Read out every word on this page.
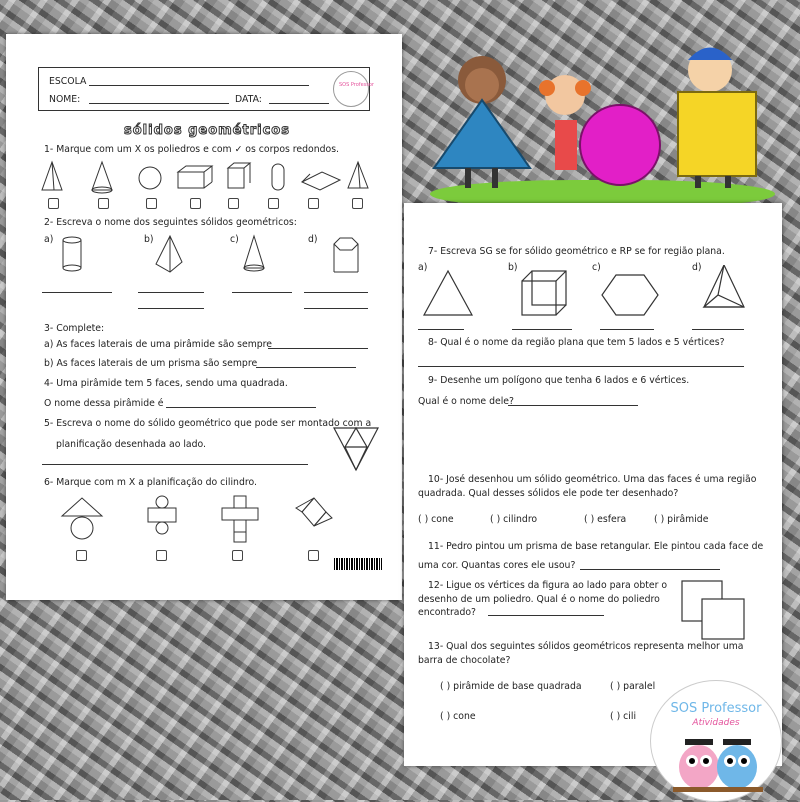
ESCOLA
NOME:	DATA:
SOS Professor
sólidos geométricos
1- Marque com um X os poliedros e com ✓ os corpos redondos.
2- Escreva o nome dos seguintes sólidos geométricos:
a)	b)	c)	d)
3- Complete:
a) As faces laterais de uma pirâmide são sempre
b) As faces laterais de um prisma são sempre
4- Uma pirâmide tem 5 faces, sendo uma quadrada.
O nome dessa pirâmide é
5- Escreva o nome do sólido geométrico que pode ser montado com a
planificação desenhada ao lado.
6- Marque com m X a planificação do cilindro.
7- Escreva SG se for sólido geométrico e RP se for região plana.
a)	b)	c)	d)
8- Qual é o nome da região plana que tem 5 lados e 5 vértices?
9- Desenhe um polígono que tenha 6 lados e 6 vértices.
Qual é o nome dele?
10- José desenhou um sólido geométrico. Uma das faces é uma região
quadrada. Qual desses sólidos ele pode ter desenhado?
( ) cone	( ) cilindro	( ) esfera	( ) pirâmide
11- Pedro pintou um prisma de base retangular. Ele pintou cada face de
uma cor. Quantas cores ele usou?
12- Ligue os vértices da figura ao lado para obter o
desenho de um poliedro. Qual é o nome do poliedro
encontrado?
13- Qual dos seguintes sólidos geométricos representa melhor uma
barra de chocolate?
( ) pirâmide de base quadrada	( ) paralel
( ) cone	( ) cili
SOS Professor
Atividades
